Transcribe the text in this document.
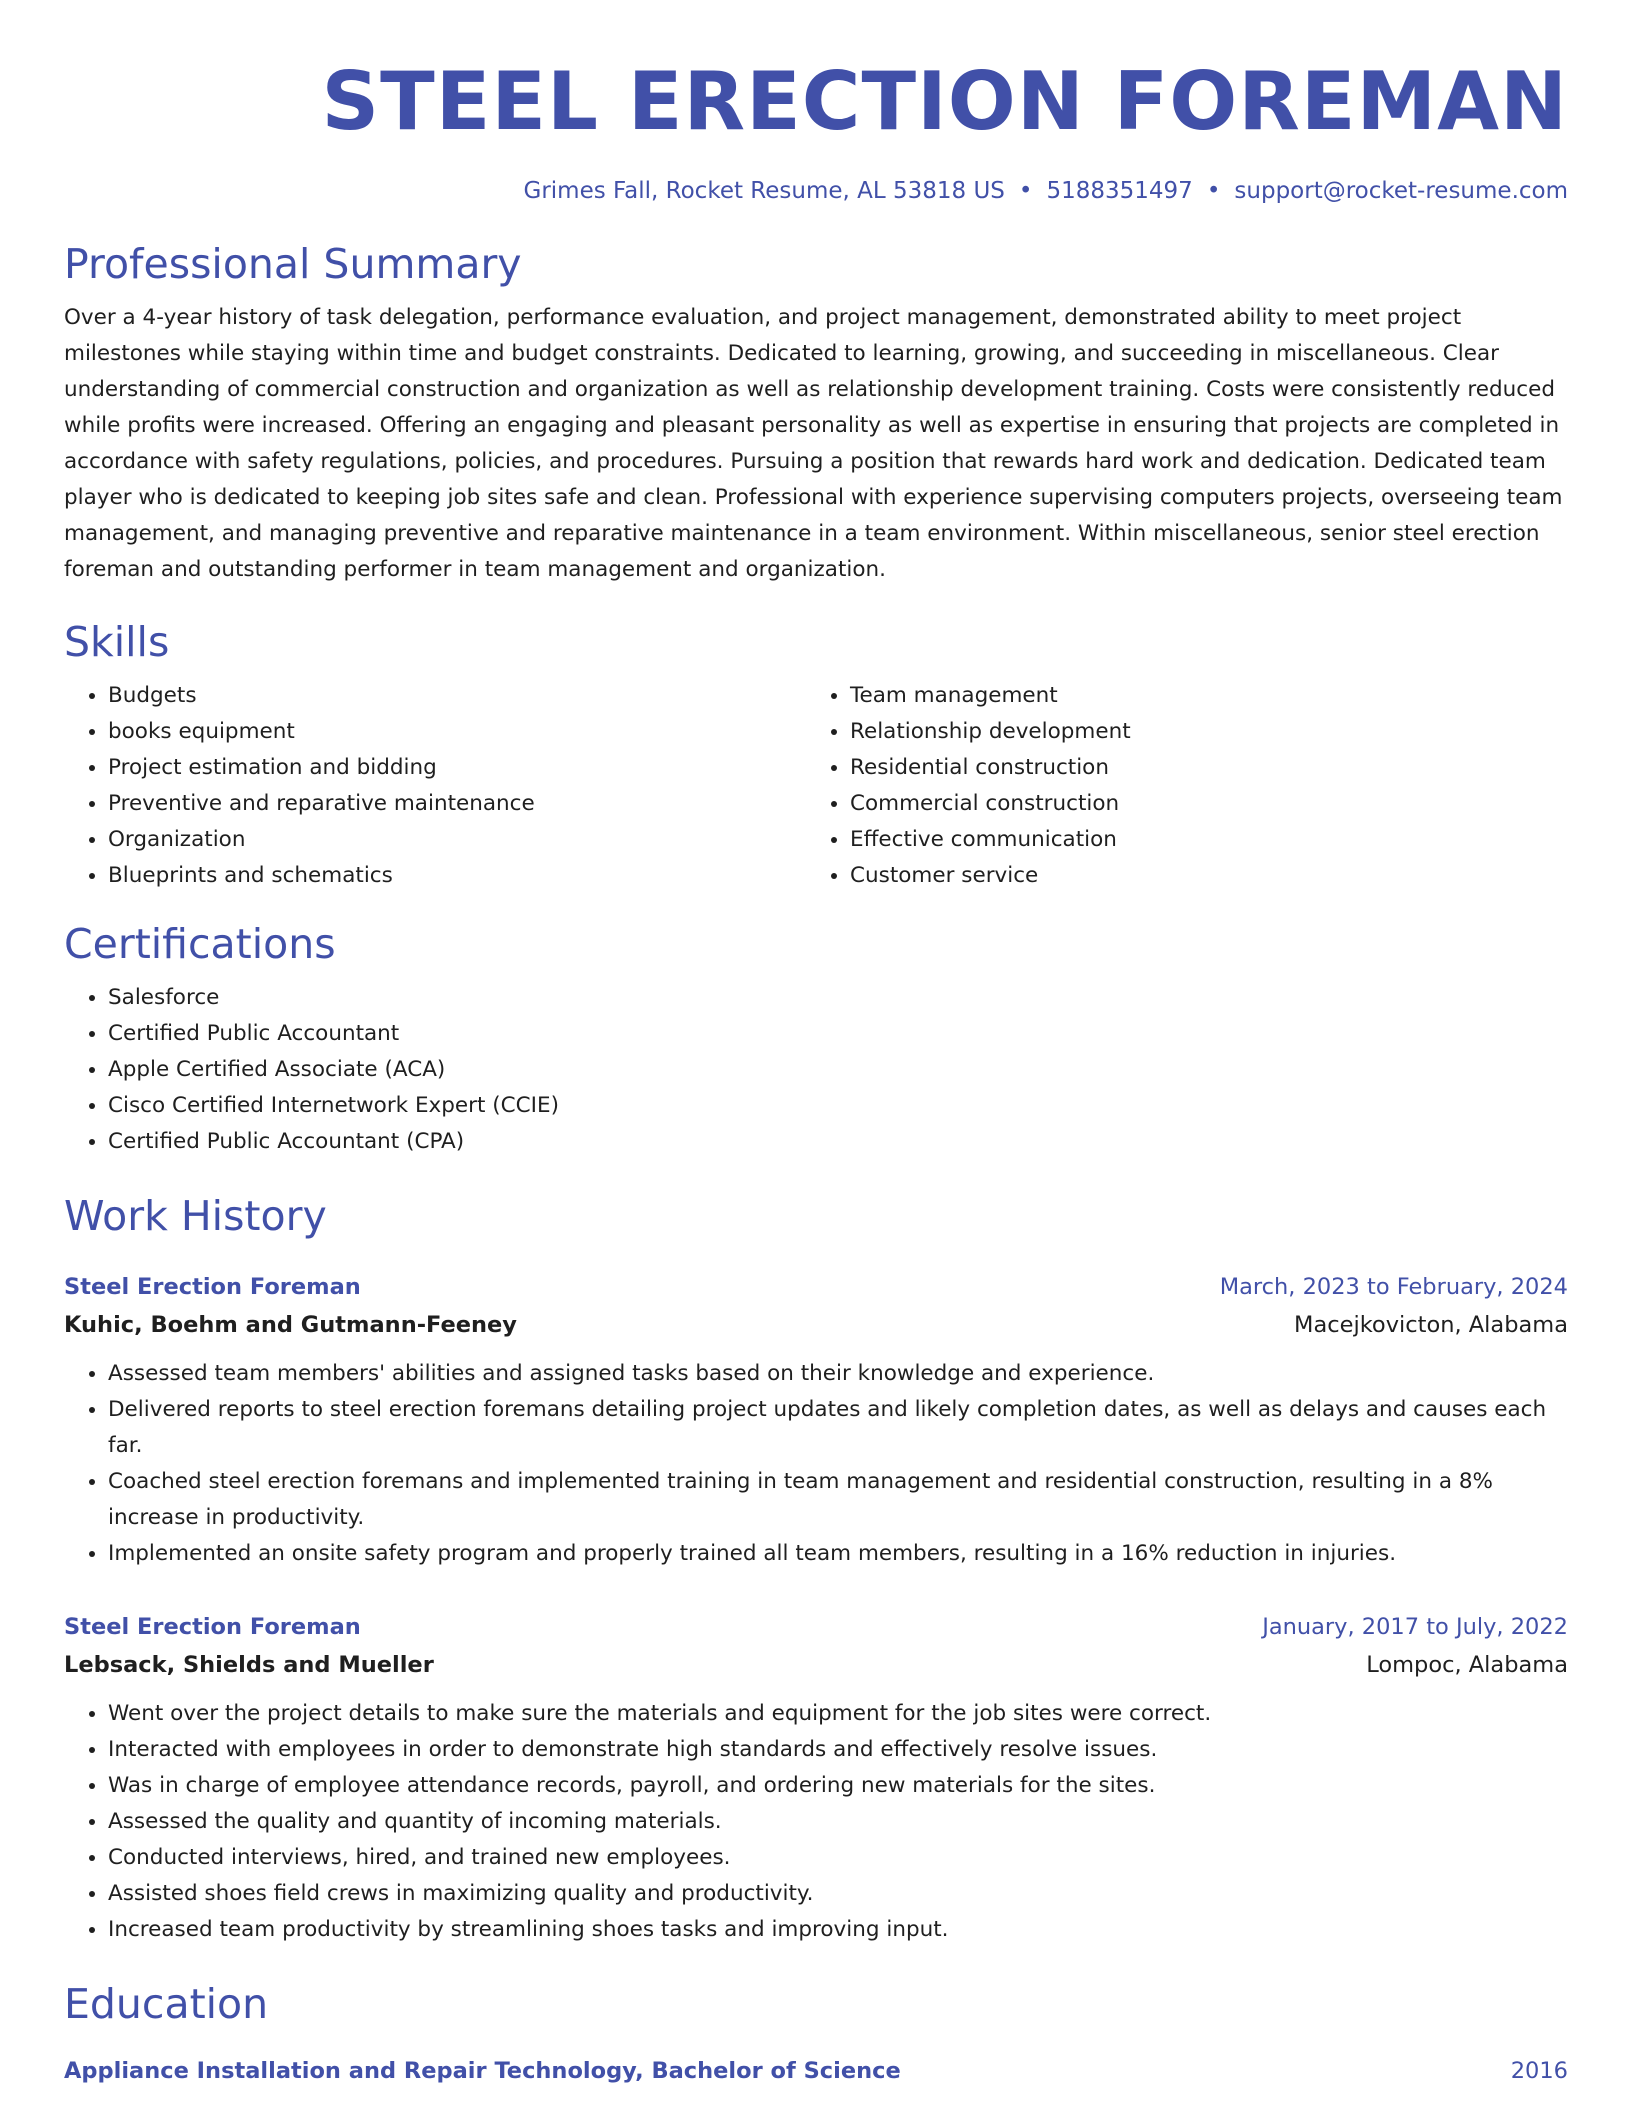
STEEL ERECTION FOREMAN
Grimes Fall, Rocket Resume, AL 53818 US • 5188351497 • support@rocket-resume.com
Professional Summary
Over a 4-year history of task delegation, performance evaluation, and project management, demonstrated ability to meet project milestones while staying within time and budget constraints. Dedicated to learning, growing, and succeeding in miscellaneous. Clear understanding of commercial construction and organization as well as relationship development training. Costs were consistently reduced while profits were increased. Offering an engaging and pleasant personality as well as expertise in ensuring that projects are completed in accordance with safety regulations, policies, and procedures. Pursuing a position that rewards hard work and dedication. Dedicated team player who is dedicated to keeping job sites safe and clean. Professional with experience supervising computers projects, overseeing team management, and managing preventive and reparative maintenance in a team environment. Within miscellaneous, senior steel erection foreman and outstanding performer in team management and organization.
Skills
• Budgets
• books equipment
• Project estimation and bidding
• Preventive and reparative maintenance
• Organization
• Blueprints and schematics
• Team management
• Relationship development
• Residential construction
• Commercial construction
• Effective communication
• Customer service
Certifications
• Salesforce
• Certified Public Accountant
• Apple Certified Associate (ACA)
• Cisco Certified Internetwork Expert (CCIE)
• Certified Public Accountant (CPA)
Work History
Steel Erection Foreman	March, 2023 to February, 2024
Kuhic, Boehm and Gutmann-Feeney	Macejkovicton, Alabama
• Assessed team members' abilities and assigned tasks based on their knowledge and experience.
• Delivered reports to steel erection foremans detailing project updates and likely completion dates, as well as delays and causes each far.
• Coached steel erection foremans and implemented training in team management and residential construction, resulting in a 8% increase in productivity.
• Implemented an onsite safety program and properly trained all team members, resulting in a 16% reduction in injuries.
Steel Erection Foreman	January, 2017 to July, 2022
Lebsack, Shields and Mueller	Lompoc, Alabama
• Went over the project details to make sure the materials and equipment for the job sites were correct.
• Interacted with employees in order to demonstrate high standards and effectively resolve issues.
• Was in charge of employee attendance records, payroll, and ordering new materials for the sites.
• Assessed the quality and quantity of incoming materials.
• Conducted interviews, hired, and trained new employees.
• Assisted shoes field crews in maximizing quality and productivity.
• Increased team productivity by streamlining shoes tasks and improving input.
Education
Appliance Installation and Repair Technology, Bachelor of Science	2016
